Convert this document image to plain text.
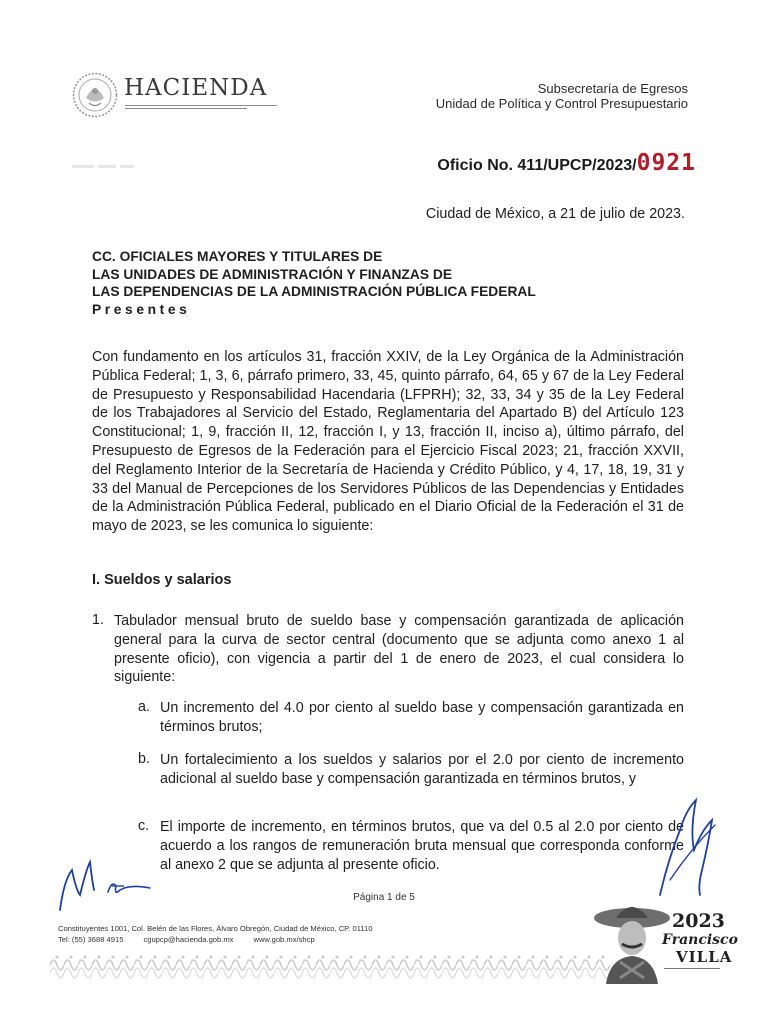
HACIENDA	Subsecretaría de Egresos
Unidad de Política y Control Presupuestario
Oficio No. 411/UPCP/2023/0921
Ciudad de México, a 21 de julio de 2023.
CC. OFICIALES MAYORES Y TITULARES DE
LAS UNIDADES DE ADMINISTRACIÓN Y FINANZAS DE
LAS DEPENDENCIAS DE LA ADMINISTRACIÓN PÚBLICA FEDERAL
Presentes

Con fundamento en los artículos 31, fracción XXIV, de la Ley Orgánica de la Administración Pública Federal; 1, 3, 6, párrafo primero, 33, 45, quinto párrafo, 64, 65 y 67 de la Ley Federal de Presupuesto y Responsabilidad Hacendaria (LFPRH); 32, 33, 34 y 35 de la Ley Federal de los Trabajadores al Servicio del Estado, Reglamentaria del Apartado B) del Artículo 123 Constitucional; 1, 9, fracción II, 12, fracción I, y 13, fracción II, inciso a), último párrafo, del Presupuesto de Egresos de la Federación para el Ejercicio Fiscal 2023; 21, fracción XXVII, del Reglamento Interior de la Secretaría de Hacienda y Crédito Público, y 4, 17, 18, 19, 31 y 33 del Manual de Percepciones de los Servidores Públicos de las Dependencias y Entidades de la Administración Pública Federal, publicado en el Diario Oficial de la Federación el 31 de mayo de 2023, se les comunica lo siguiente:

I. Sueldos y salarios
1. Tabulador mensual bruto de sueldo base y compensación garantizada de aplicación general para la curva de sector central (documento que se adjunta como anexo 1 al presente oficio), con vigencia a partir del 1 de enero de 2023, el cual considera lo siguiente:

a. Un incremento del 4.0 por ciento al sueldo base y compensación garantizada en términos brutos;

b. Un fortalecimiento a los sueldos y salarios por el 2.0 por ciento de incremento adicional al sueldo base y compensación garantizada en términos brutos, y

c. El importe de incremento, en términos brutos, que va del 0.5 al 2.0 por ciento de acuerdo a los rangos de remuneración bruta mensual que corresponda conforme al anexo 2 que se adjunta al presente oficio.

Página 1 de 5
Constituyentes 1001, Col. Belén de las Flores, Álvaro Obregón, Ciudad de México, CP. 01110
Tel: (55) 3688 4915	cgupcp@hacienda.gob.mx	www.gob.mx/shcp
2023
Francisco
VILLA
